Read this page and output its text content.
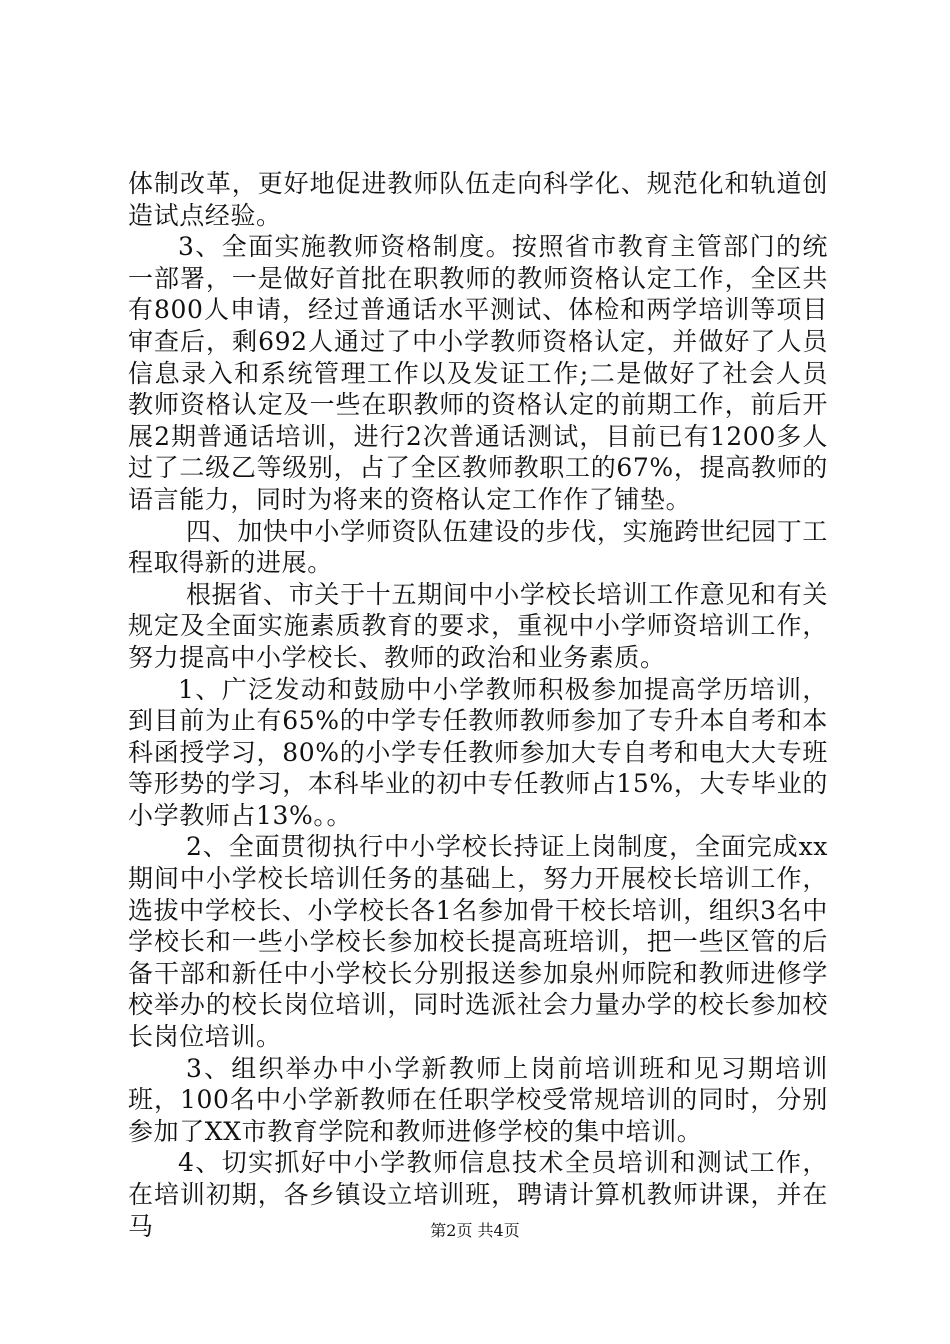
体制改革，更好地促进教师队伍走向科学化、规范化和轨道创造试点经验。

3、全面实施教师资格制度。按照省市教育主管部门的统一部署，一是做好首批在职教师的教师资格认定工作，全区共有800人申请，经过普通话水平测试、体检和两学培训等项目审查后，剩692人通过了中小学教师资格认定，并做好了人员信息录入和系统管理工作以及发证工作;二是做好了社会人员教师资格认定及一些在职教师的资格认定的前期工作，前后开展2期普通话培训，进行2次普通话测试，目前已有1200多人过了二级乙等级别，占了全区教师教职工的67%，提高教师的语言能力，同时为将来的资格认定工作作了铺垫。

四、加快中小学师资队伍建设的步伐，实施跨世纪园丁工程取得新的进展。

根据省、市关于十五期间中小学校长培训工作意见和有关规定及全面实施素质教育的要求，重视中小学师资培训工作，努力提高中小学校长、教师的政治和业务素质。

1、广泛发动和鼓励中小学教师积极参加提高学历培训，到目前为止有65%的中学专任教师教师参加了专升本自考和本科函授学习，80%的小学专任教师参加大专自考和电大大专班等形势的学习，本科毕业的初中专任教师占15%，大专毕业的小学教师占13%。。

2、全面贯彻执行中小学校长持证上岗制度，全面完成xx期间中小学校长培训任务的基础上，努力开展校长培训工作，选拔中学校长、小学校长各1名参加骨干校长培训，组织3名中学校长和一些小学校长参加校长提高班培训，把一些区管的后备干部和新任中小学校长分别报送参加泉州师院和教师进修学校举办的校长岗位培训，同时选派社会力量办学的校长参加校长岗位培训。

3、组织举办中小学新教师上岗前培训班和见习期培训班，100名中小学新教师在任职学校受常规培训的同时，分别参加了XX市教育学院和教师进修学校的集中培训。

4、切实抓好中小学教师信息技术全员培训和测试工作，在培训初期，各乡镇设立培训班，聘请计算机教师讲课，并在马	第2页 共4页
